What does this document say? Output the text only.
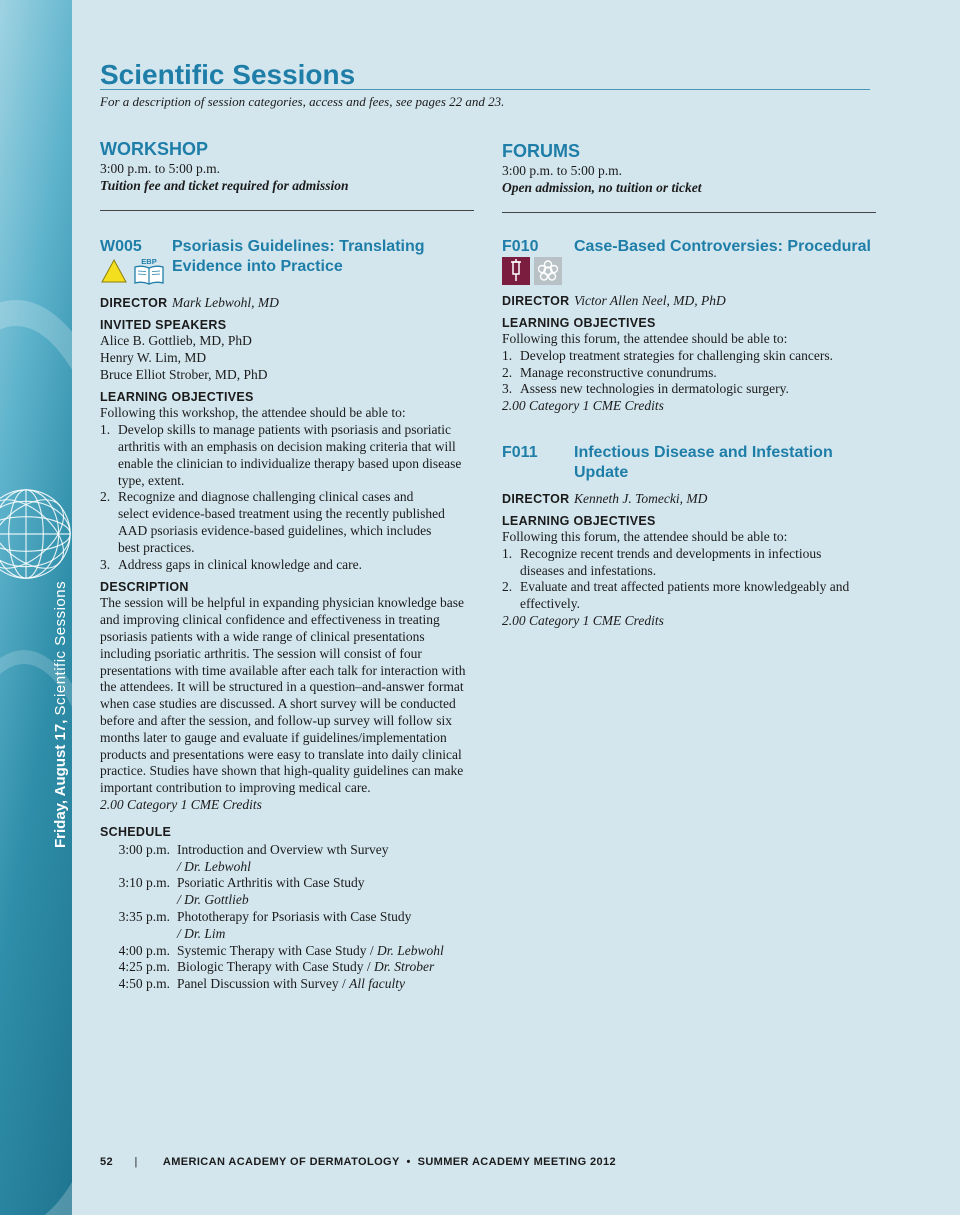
Friday, August 17, Scientific Sessions
Scientific Sessions
For a description of session categories, access and fees, see pages 22 and 23.
WORKSHOP
3:00 p.m. to 5:00 p.m.
Tuition fee and ticket required for admission
W005
EBP
Psoriasis Guidelines: Translating
Evidence into Practice
DIRECTOR Mark Lebwohl, MD
INVITED SPEAKERS
Alice B. Gottlieb, MD, PhD
Henry W. Lim, MD
Bruce Elliot Strober, MD, PhD
LEARNING OBJECTIVES
Following this workshop, the attendee should be able to:
1. Develop skills to manage patients with psoriasis and psoriatic
arthritis with an emphasis on decision making criteria that will
enable the clinician to individualize therapy based upon disease
type, extent.
2. Recognize and diagnose challenging clinical cases and
select evidence-based treatment using the recently published
AAD psoriasis evidence-based guidelines, which includes
best practices.
3. Address gaps in clinical knowledge and care.
DESCRIPTION
The session will be helpful in expanding physician knowledge base
and improving clinical confidence and effectiveness in treating
psoriasis patients with a wide range of clinical presentations
including psoriatic arthritis. The session will consist of four
presentations with time available after each talk for interaction with
the attendees. It will be structured in a question–and-answer format
when case studies are discussed. A short survey will be conducted
before and after the session, and follow-up survey will follow six
months later to gauge and evaluate if guidelines/implementation
products and presentations were easy to translate into daily clinical
practice. Studies have shown that high-quality guidelines can make
important contribution to improving medical care.
2.00 Category 1 CME Credits
SCHEDULE
3:00 p.m. Introduction and Overview wth Survey
/ Dr. Lebwohl
3:10 p.m. Psoriatic Arthritis with Case Study
/ Dr. Gottlieb
3:35 p.m. Phototherapy for Psoriasis with Case Study
/ Dr. Lim
4:00 p.m. Systemic Therapy with Case Study / Dr. Lebwohl
4:25 p.m. Biologic Therapy with Case Study / Dr. Strober
4:50 p.m. Panel Discussion with Survey / All faculty
FORUMS
3:00 p.m. to 5:00 p.m.
Open admission, no tuition or ticket
F010	Case-Based Controversies: Procedural
DIRECTOR Victor Allen Neel, MD, PhD
LEARNING OBJECTIVES
Following this forum, the attendee should be able to:
1. Develop treatment strategies for challenging skin cancers.
2. Manage reconstructive conundrums.
3. Assess new technologies in dermatologic surgery.
2.00 Category 1 CME Credits
F011	Infectious Disease and Infestation Update
DIRECTOR Kenneth J. Tomecki, MD
LEARNING OBJECTIVES
Following this forum, the attendee should be able to:
1. Recognize recent trends and developments in infectious
diseases and infestations.
2. Evaluate and treat affected patients more knowledgeably and
effectively.
2.00 Category 1 CME Credits
52 | AMERICAN ACADEMY OF DERMATOLOGY  •  SUMMER ACADEMY MEETING 2012
